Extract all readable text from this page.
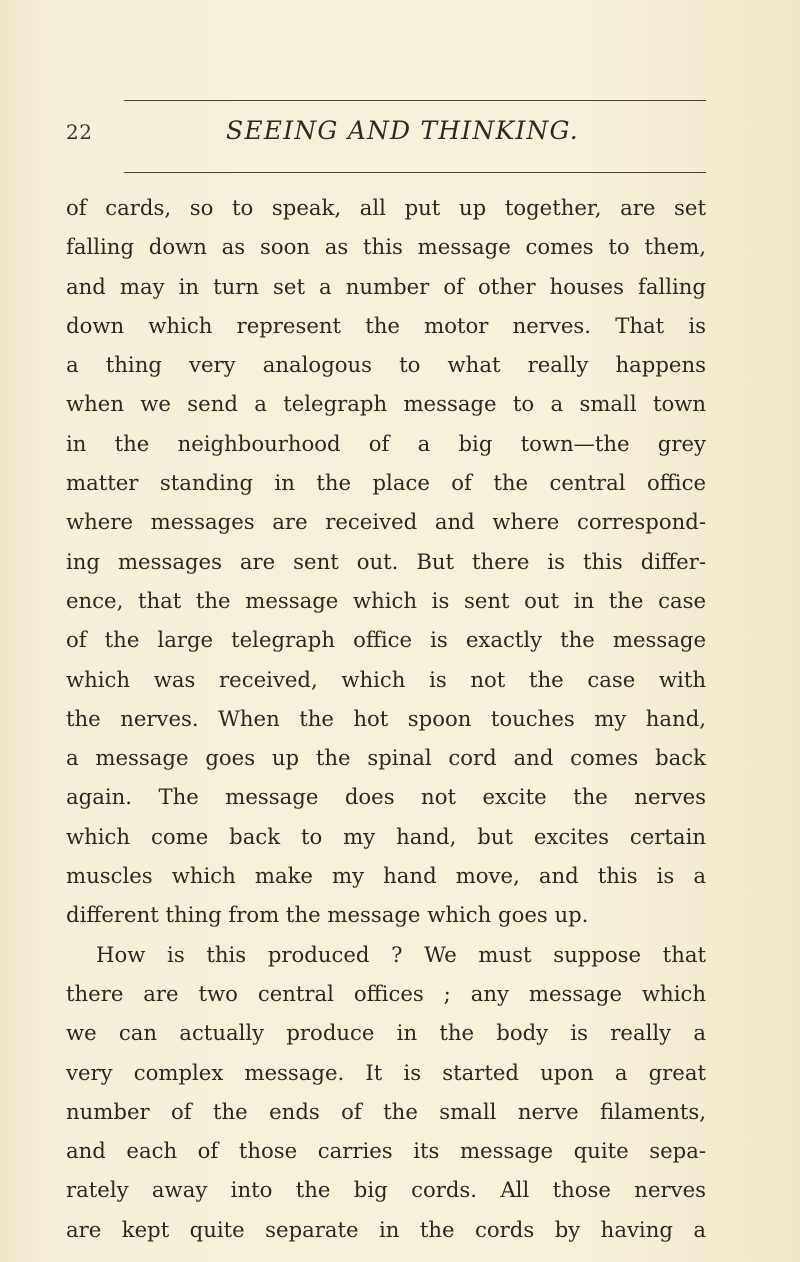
22	SEEING AND THINKING.
of cards, so to speak, all put up together, are set
falling down as soon as this message comes to them,
and may in turn set a number of other houses falling
down which represent the motor nerves. That is
a thing very analogous to what really happens
when we send a telegraph message to a small town
in the neighbourhood of a big town—the grey
matter standing in the place of the central office
where messages are received and where correspond-
ing messages are sent out. But there is this differ-
ence, that the message which is sent out in the case
of the large telegraph office is exactly the message
which was received, which is not the case with
the nerves. When the hot spoon touches my hand,
a message goes up the spinal cord and comes back
again. The message does not excite the nerves
which come back to my hand, but excites certain
muscles which make my hand move, and this is a
different thing from the message which goes up.
How is this produced ? We must suppose that
there are two central offices ; any message which
we can actually produce in the body is really a
very complex message. It is started upon a great
number of the ends of the small nerve filaments,
and each of those carries its message quite sepa-
rately away into the big cords. All those nerves
are kept quite separate in the cords by having a
